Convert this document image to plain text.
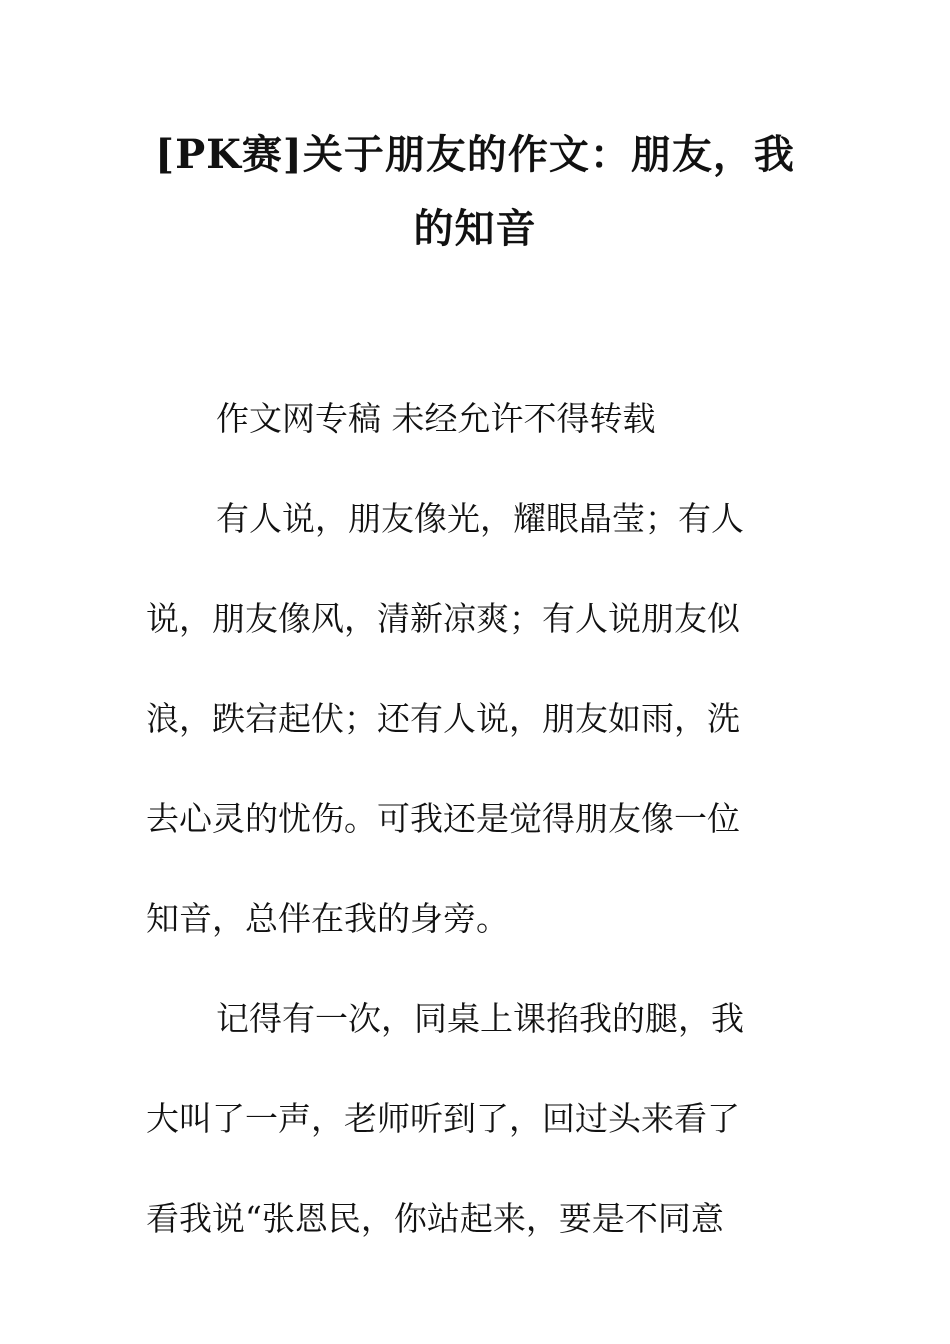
[PK赛]关于朋友的作文：朋友，我
的知音

作文网专稿 未经允许不得转载

有人说，朋友像光，耀眼晶莹；有人
说，朋友像风，清新凉爽；有人说朋友似
浪，跌宕起伏；还有人说，朋友如雨，洗
去心灵的忧伤。可我还是觉得朋友像一位
知音，总伴在我的身旁。

记得有一次，同桌上课掐我的腿，我
大叫了一声，老师听到了，回过头来看了
看我说“张恩民，你站起来，要是不同意
